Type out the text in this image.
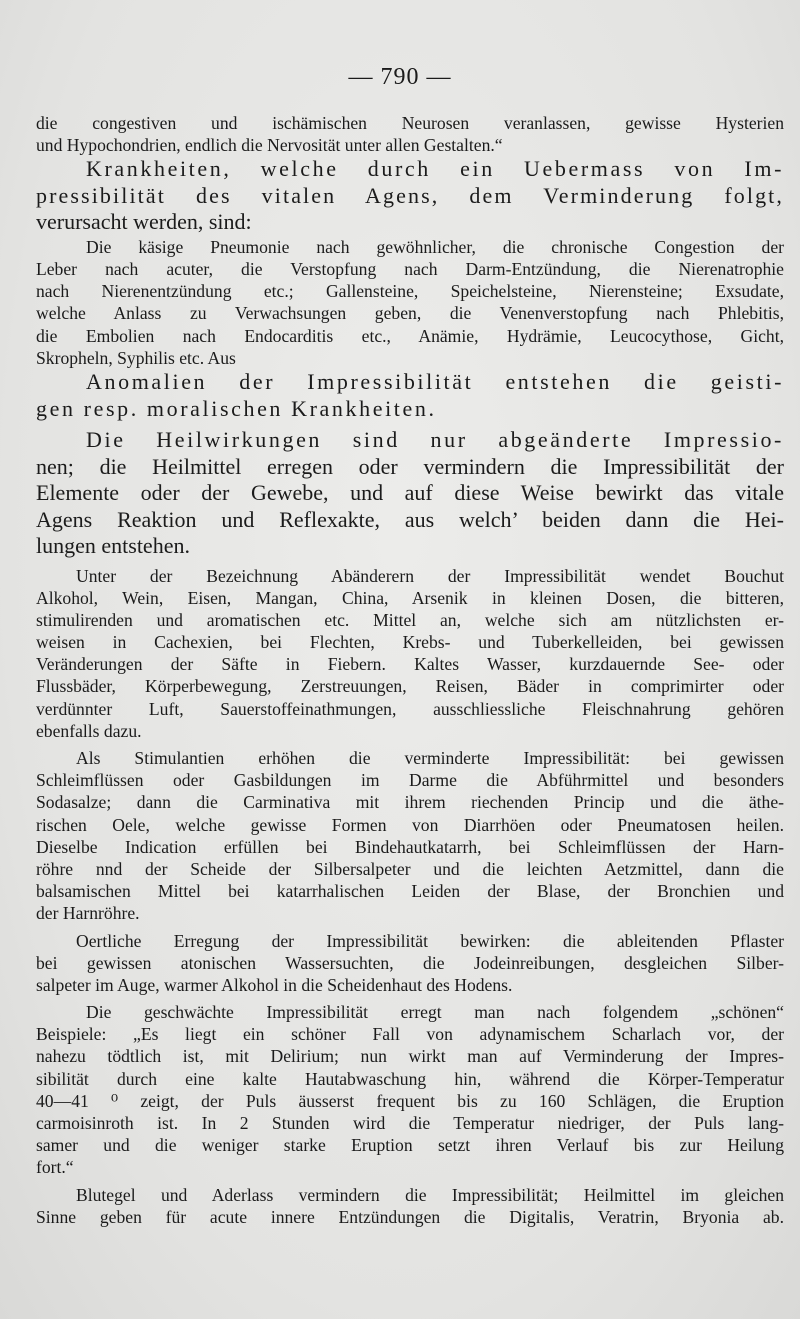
— 790 —
die congestiven und ischämischen Neurosen veranlassen, gewisse Hysterien
und Hypochondrien, endlich die Nervosität unter allen Gestalten.“
Krankheiten, welche durch ein Uebermass von Im-
pressibilität des vitalen Agens, dem Verminderung folgt,
verursacht werden, sind:
Die käsige Pneumonie nach gewöhnlicher, die chronische Congestion der
Leber nach acuter, die Verstopfung nach Darm-Entzündung, die Nierenatrophie
nach Nierenentzündung etc.; Gallensteine, Speichelsteine, Nierensteine; Exsudate,
welche Anlass zu Verwachsungen geben, die Venenverstopfung nach Phlebitis,
die Embolien nach Endocarditis etc., Anämie, Hydrämie, Leucocythose, Gicht,
Skropheln, Syphilis etc. Aus
Anomalien der Impressibilität entstehen die geisti-
gen resp. moralischen Krankheiten.
Die Heilwirkungen sind nur abgeänderte Impressio-
nen; die Heilmittel erregen oder vermindern die Impressibilität der
Elemente oder der Gewebe, und auf diese Weise bewirkt das vitale
Agens Reaktion und Reflexakte, aus welch’ beiden dann die Hei-
lungen entstehen.
Unter der Bezeichnung Abänderern der Impressibilität wendet Bouchut
Alkohol, Wein, Eisen, Mangan, China, Arsenik in kleinen Dosen, die bitteren,
stimulirenden und aromatischen etc. Mittel an, welche sich am nützlichsten er-
weisen in Cachexien, bei Flechten, Krebs- und Tuberkelleiden, bei gewissen
Veränderungen der Säfte in Fiebern. Kaltes Wasser, kurzdauernde See- oder
Flussbäder, Körperbewegung, Zerstreuungen, Reisen, Bäder in comprimirter oder
verdünnter Luft, Sauerstoffeinathmungen, ausschliessliche Fleischnahrung gehören
ebenfalls dazu.
Als Stimulantien erhöhen die verminderte Impressibilität: bei gewissen
Schleimflüssen oder Gasbildungen im Darme die Abführmittel und besonders
Sodasalze; dann die Carminativa mit ihrem riechenden Princip und die äthe-
rischen Oele, welche gewisse Formen von Diarrhöen oder Pneumatosen heilen.
Dieselbe Indication erfüllen bei Bindehautkatarrh, bei Schleimflüssen der Harn-
röhre nnd der Scheide der Silbersalpeter und die leichten Aetzmittel, dann die
balsamischen Mittel bei katarrhalischen Leiden der Blase, der Bronchien und
der Harnröhre.
Oertliche Erregung der Impressibilität bewirken: die ableitenden Pflaster
bei gewissen atonischen Wassersuchten, die Jodeinreibungen, desgleichen Silber-
salpeter im Auge, warmer Alkohol in die Scheidenhaut des Hodens.
Die geschwächte Impressibilität erregt man nach folgendem „schönen“
Beispiele: „Es liegt ein schöner Fall von adynamischem Scharlach vor, der
nahezu tödtlich ist, mit Delirium; nun wirkt man auf Verminderung der Impres-
sibilität durch eine kalte Hautabwaschung hin, während die Körper-Temperatur
40—41 ⁰ zeigt, der Puls äusserst frequent bis zu 160 Schlägen, die Eruption
carmoisinroth ist. In 2 Stunden wird die Temperatur niedriger, der Puls lang-
samer und die weniger starke Eruption setzt ihren Verlauf bis zur Heilung
fort.“
Blutegel und Aderlass vermindern die Impressibilität; Heilmittel im gleichen
Sinne geben für acute innere Entzündungen die Digitalis, Veratrin, Bryonia ab.
